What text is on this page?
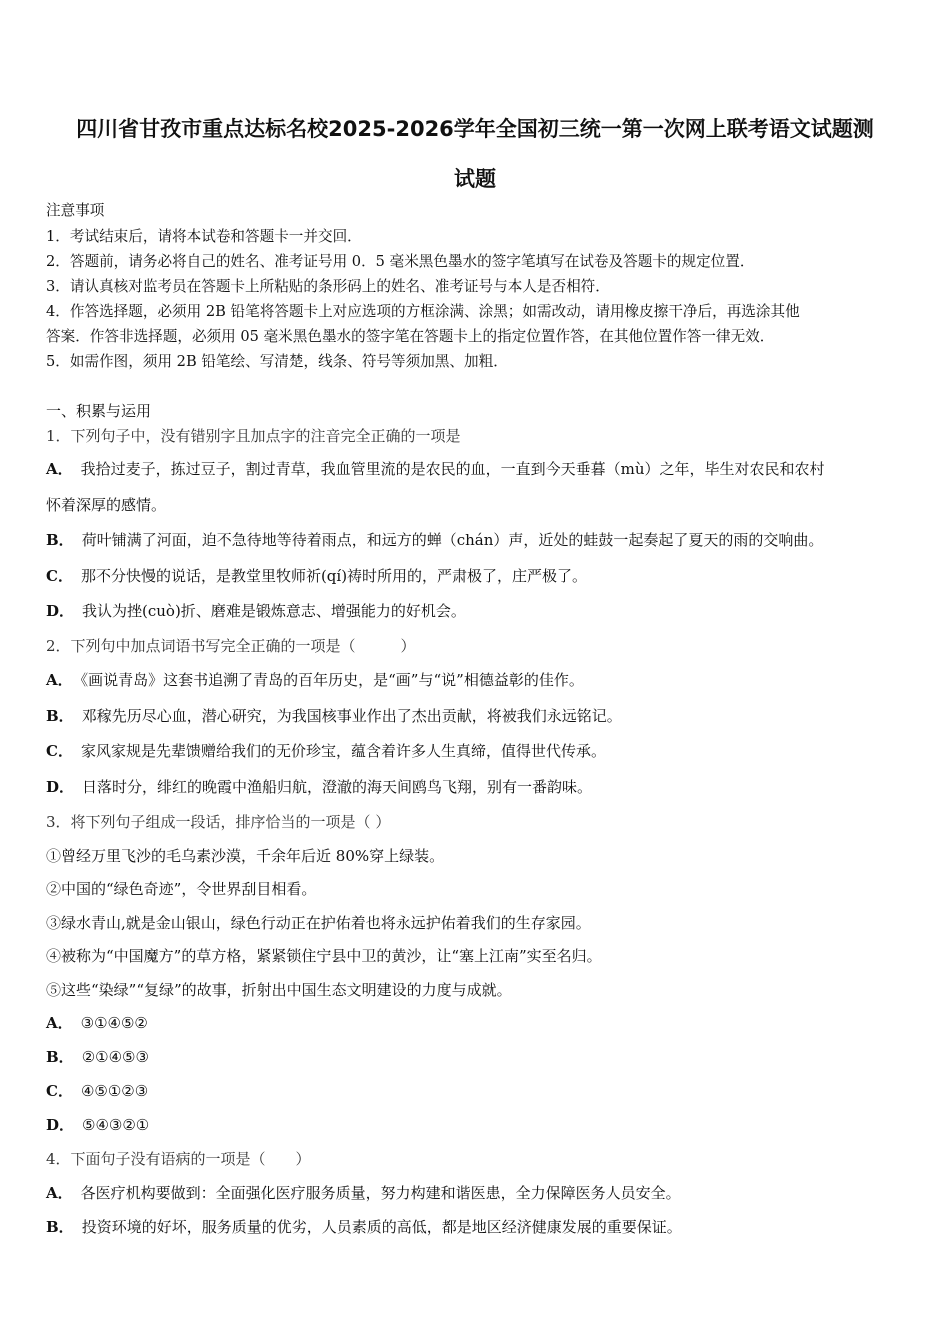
四川省甘孜市重点达标名校2025-2026学年全国初三统一第一次网上联考语文试题测
试题
注意事项
1．考试结束后，请将本试卷和答题卡一并交回．
2．答题前，请务必将自己的姓名、准考证号用 0．5 毫米黑色墨水的签字笔填写在试卷及答题卡的规定位置．
3．请认真核对监考员在答题卡上所粘贴的条形码上的姓名、准考证号与本人是否相符．
4．作答选择题，必须用 2B 铅笔将答题卡上对应选项的方框涂满、涂黑；如需改动，请用橡皮擦干净后，再选涂其他
答案．作答非选择题，必须用 05 毫米黑色墨水的签字笔在答题卡上的指定位置作答，在其他位置作答一律无效．
5．如需作图，须用 2B 铅笔绘、写清楚，线条、符号等须加黑、加粗．
一、积累与运用
1．下列句子中，没有错别字且加点字的注音完全正确的一项是
A． 我拾过麦子，拣过豆子，割过青草，我血管里流的是农民的血，一直到今天垂暮（mù）之年，毕生对农民和农村
怀着深厚的感情。
B． 荷叶铺满了河面，迫不急待地等待着雨点，和远方的蝉（chán）声，近处的蛙鼓一起奏起了夏天的雨的交响曲。
C． 那不分快慢的说话，是教堂里牧师祈(qí)祷时所用的，严肃极了，庄严极了。
D． 我认为挫(cuò)折、磨难是锻炼意志、增强能力的好机会。
2．下列句中加点词语书写完全正确的一项是（　　　）
A． 《画说青岛》这套书追溯了青岛的百年历史，是“画”与“说”相德益彰的佳作。
B． 邓稼先历尽心血，潜心研究，为我国核事业作出了杰出贡献，将被我们永远铭记。
C． 家风家规是先辈馈赠给我们的无价珍宝，蕴含着许多人生真缔，值得世代传承。
D． 日落时分，绯红的晚霞中渔船归航，澄澈的海天间鸥鸟飞翔，别有一番韵味。
3．将下列句子组成一段话，排序恰当的一项是（ ）
①曾经万里飞沙的毛乌素沙漠，千余年后近 80%穿上绿装。
②中国的“绿色奇迹”，令世界刮目相看。
③绿水青山,就是金山银山，绿色行动正在护佑着也将永远护佑着我们的生存家园。
④被称为“中国魔方”的草方格，紧紧锁住宁县中卫的黄沙，让“塞上江南”实至名归。
⑤这些“染绿”“复绿”的故事，折射出中国生态文明建设的力度与成就。
A． ③①④⑤②
B． ②①④⑤③
C． ④⑤①②③
D． ⑤④③②①
4．下面句子没有语病的一项是（　　）
A． 各医疗机构要做到：全面强化医疗服务质量，努力构建和谐医患，全力保障医务人员安全。
B． 投资环境的好坏，服务质量的优劣，人员素质的高低，都是地区经济健康发展的重要保证。
